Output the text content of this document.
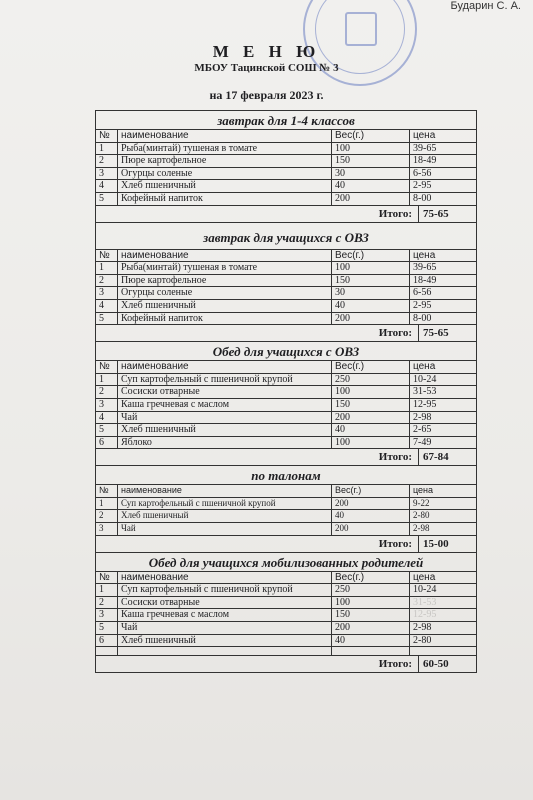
Бударин С. А.
М Е Н Ю
МБОУ Тацинской СОШ № 3
на 17 февраля 2023 г.
завтрак для 1-4 классов
№	наименование	Вес(г.)	цена
1	Рыба(минтай) тушеная в томате	100	39-65
2	Пюре картофельное	150	18-49
3	Огурцы соленые	30	6-56
4	Хлеб пшеничный	40	2-95
5	Кофейный напиток	200	8-00
Итого:	75-65
завтрак для учащихся с ОВЗ
№	наименование	Вес(г.)	цена
1	Рыба(минтай) тушеная в томате	100	39-65
2	Пюре картофельное	150	18-49
3	Огурцы соленые	30	6-56
4	Хлеб пшеничный	40	2-95
5	Кофейный напиток	200	8-00
Итого:	75-65
Обед для учащихся с ОВЗ
№	наименование	Вес(г.)	цена
1	Суп картофельный с пшеничной крупой	250	10-24
2	Сосиски отварные	100	31-53
3	Каша гречневая с маслом	150	12-95
4	Чай	200	2-98
5	Хлеб пшеничный	40	2-65
6	Яблоко	100	7-49
Итого:	67-84
по талонам
№	наименование	Вес(г.)	цена
1	Суп картофельный с пшеничной крупой	200	9-22
2	Хлеб пшеничный	40	2-80
3	Чай	200	2-98
Итого:	15-00
Обед для учащихся мобилизованных родителей
№	наименование	Вес(г.)	цена
1	Суп картофельный с пшеничной крупой	250	10-24
2	Сосиски отварные	100	31-53
3	Каша гречневая с маслом	150	12-95
5	Чай	200	2-98
6	Хлеб пшеничный	40	2-80
Итого:	60-50
